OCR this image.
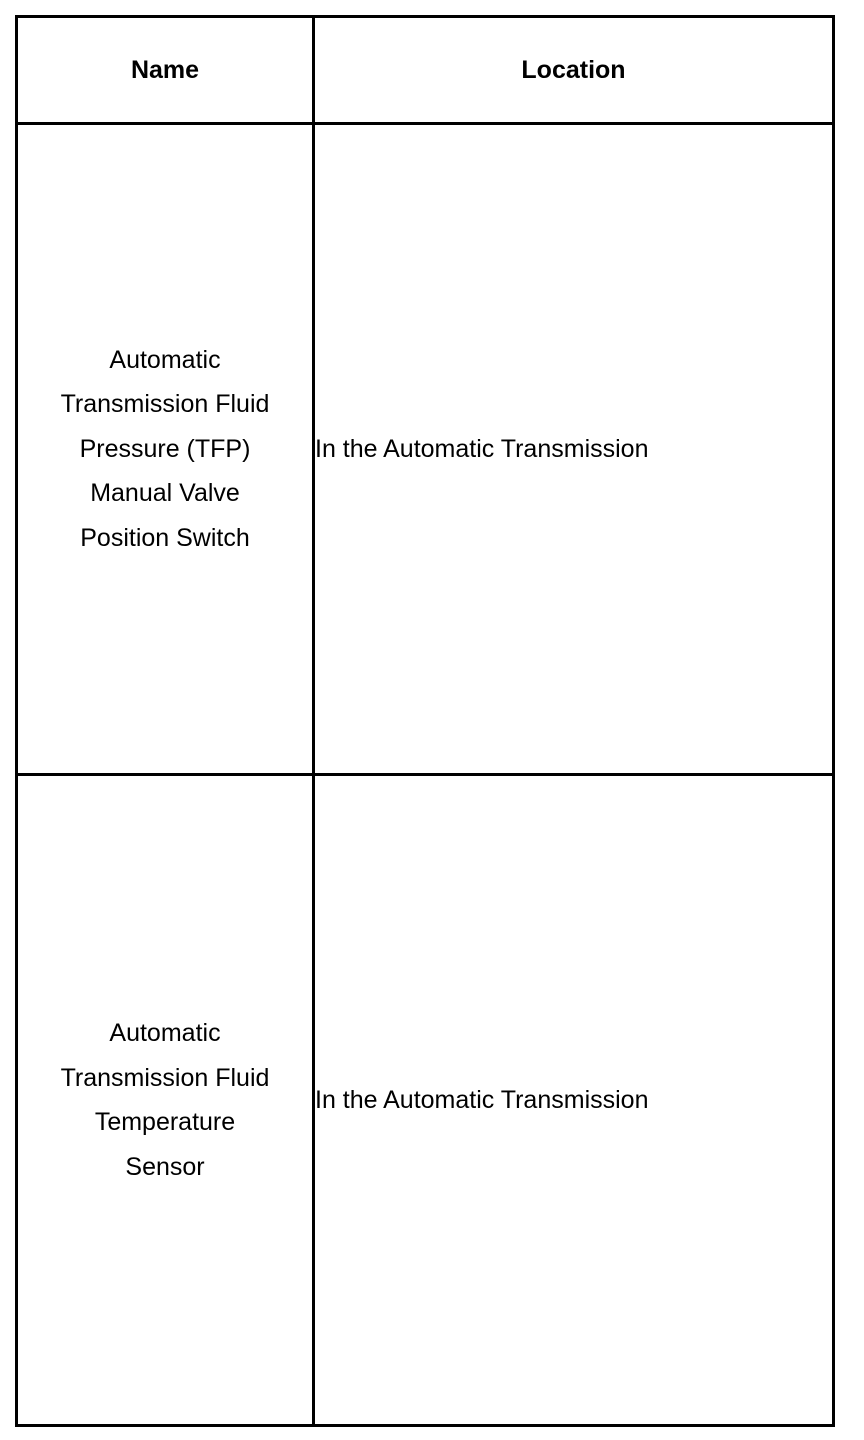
Name	Location

Automatic
Transmission Fluid
Pressure (TFP)
Manual Valve
Position Switch	In the Automatic Transmission

Automatic
Transmission Fluid
Temperature
Sensor	In the Automatic Transmission
